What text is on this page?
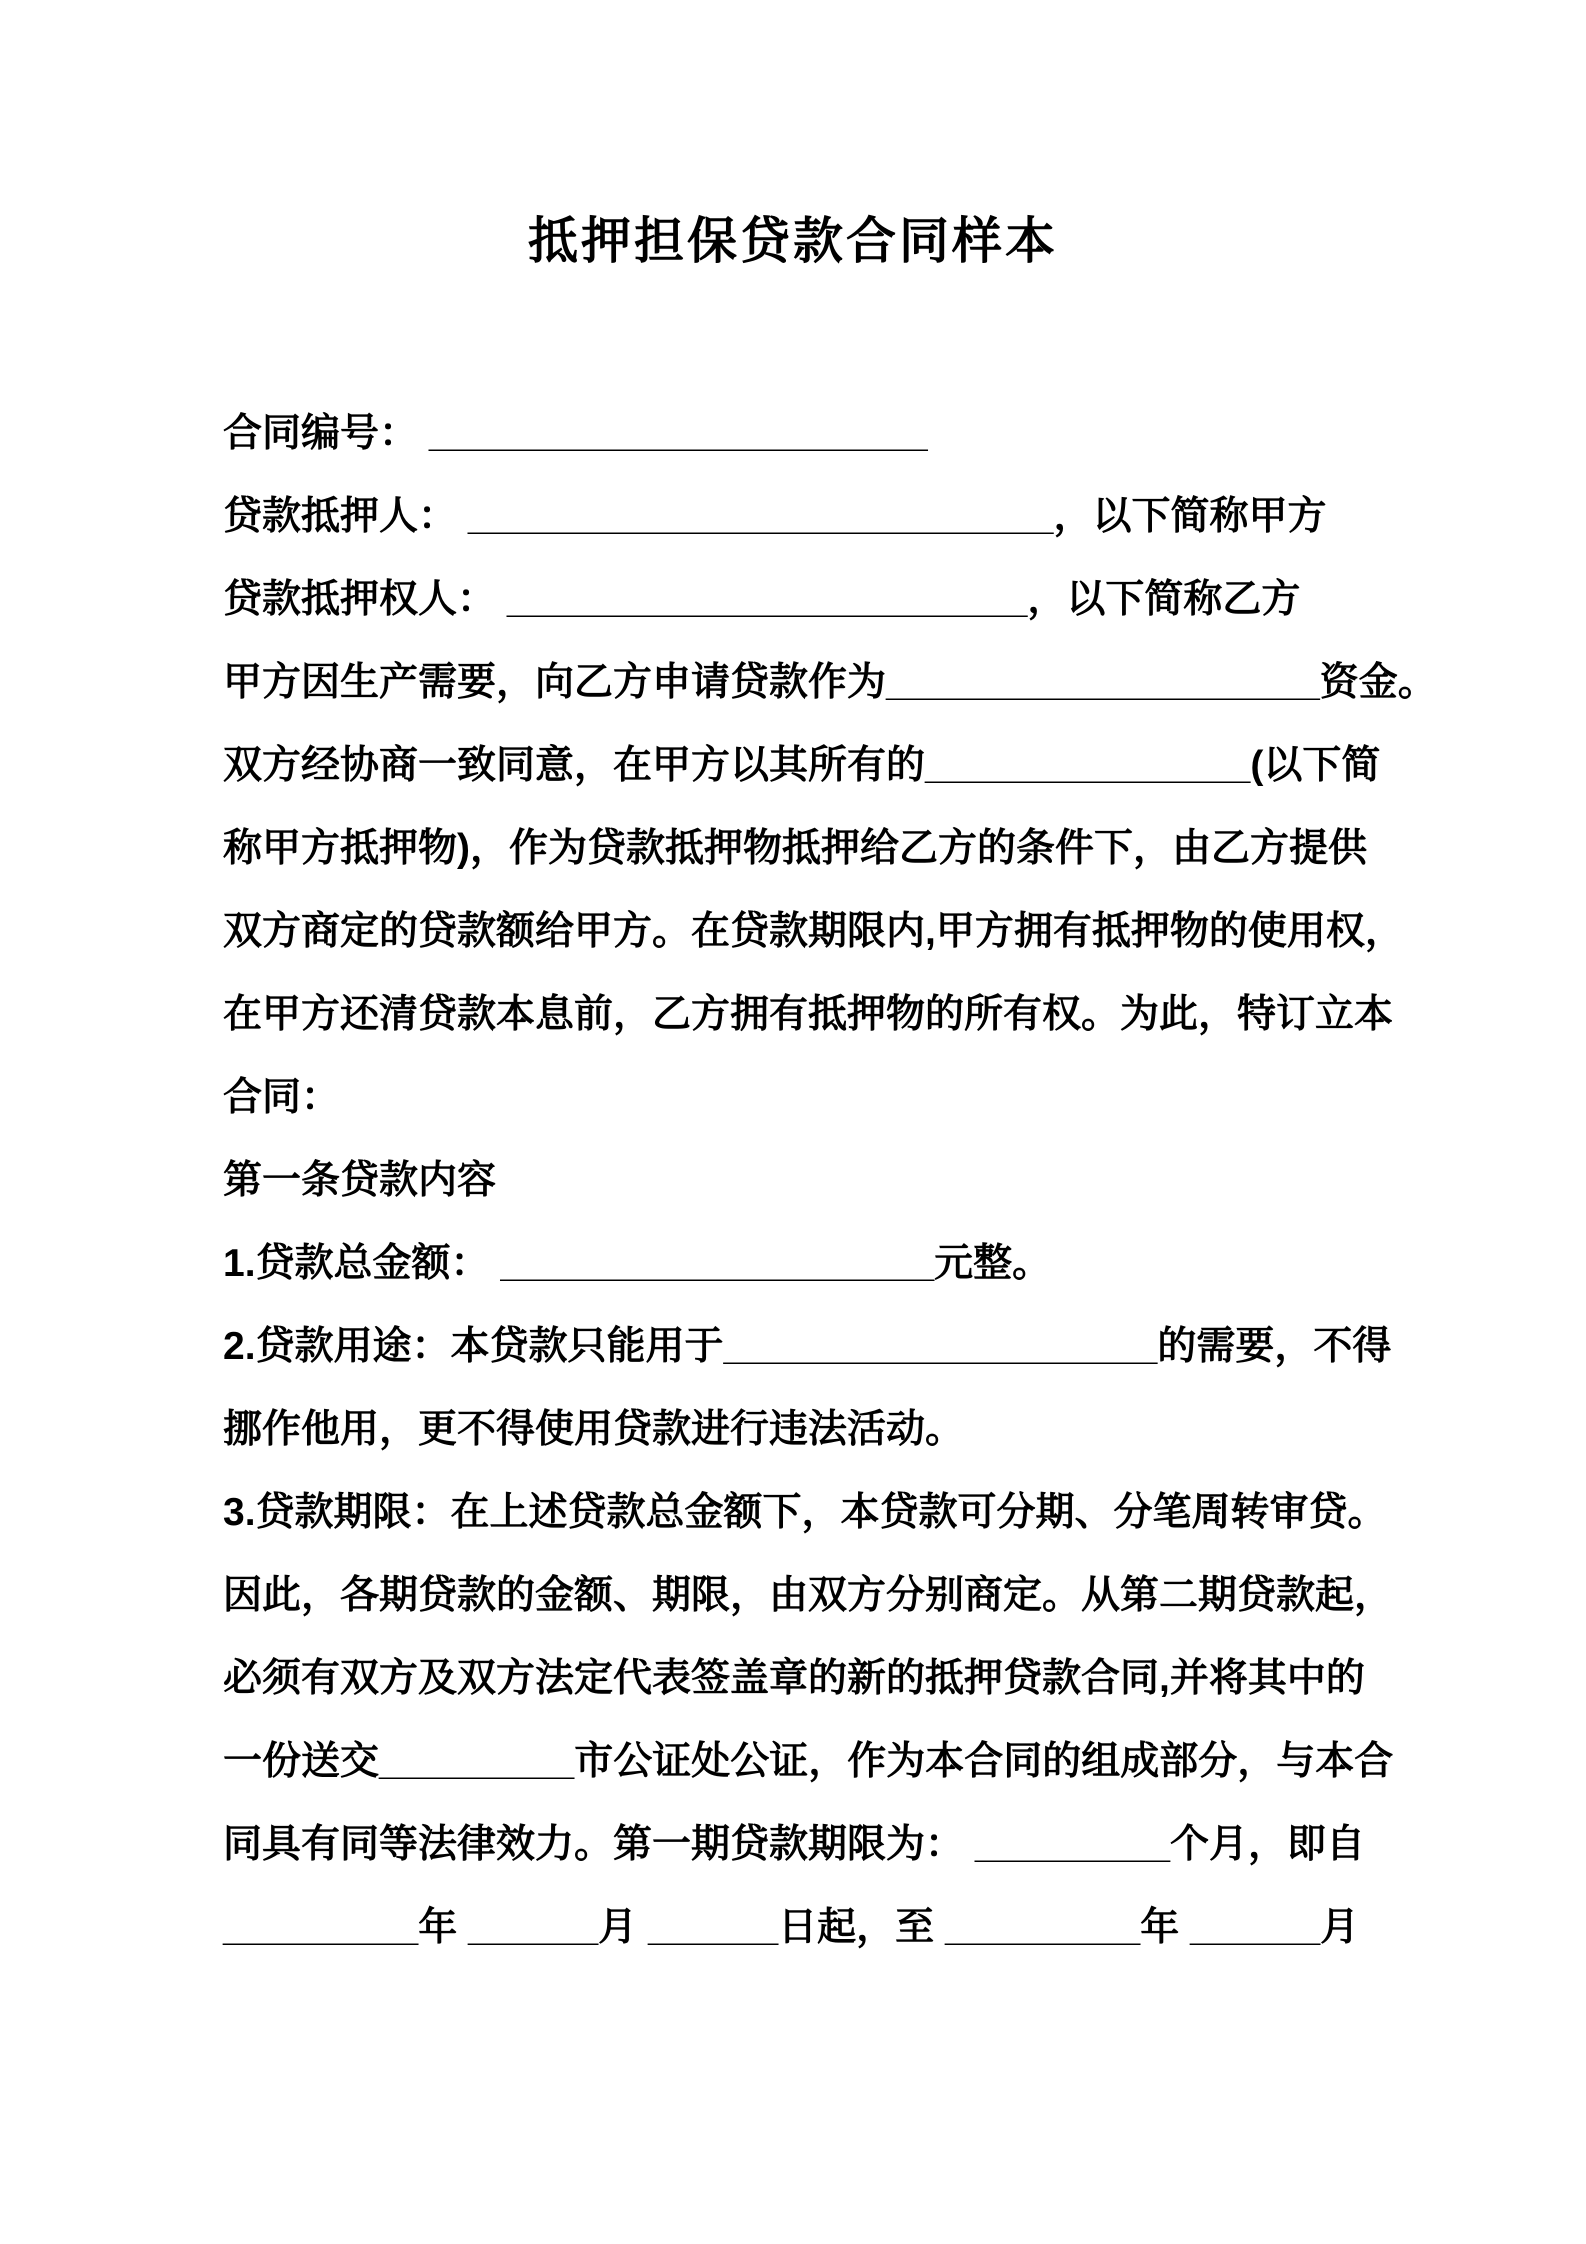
抵押担保贷款合同样本
合同编号： _______________________
贷款抵押人： ___________________________，以下简称甲方
贷款抵押权人： ________________________，以下简称乙方
甲方因生产需要，向乙方申请贷款作为____________________资金。
双方经协商一致同意，在甲方以其所有的_______________(以下简
称甲方抵押物)，作为贷款抵押物抵押给乙方的条件下，由乙方提供
双方商定的贷款额给甲方。在贷款期限内,甲方拥有抵押物的使用权，
在甲方还清贷款本息前，乙方拥有抵押物的所有权。为此，特订立本
合同：
第一条贷款内容
1.贷款总金额： ____________________元整。
2.贷款用途：本贷款只能用于____________________的需要，不得
挪作他用，更不得使用贷款进行违法活动。
3.贷款期限：在上述贷款总金额下，本贷款可分期、分笔周转审贷。
因此，各期贷款的金额、期限，由双方分别商定。从第二期贷款起，
必须有双方及双方法定代表签盖章的新的抵押贷款合同,并将其中的
一份送交_________市公证处公证，作为本合同的组成部分，与本合
同具有同等法律效力。第一期贷款期限为： _________个月，即自
_________年 ______月 ______日起，至 _________年 ______月
